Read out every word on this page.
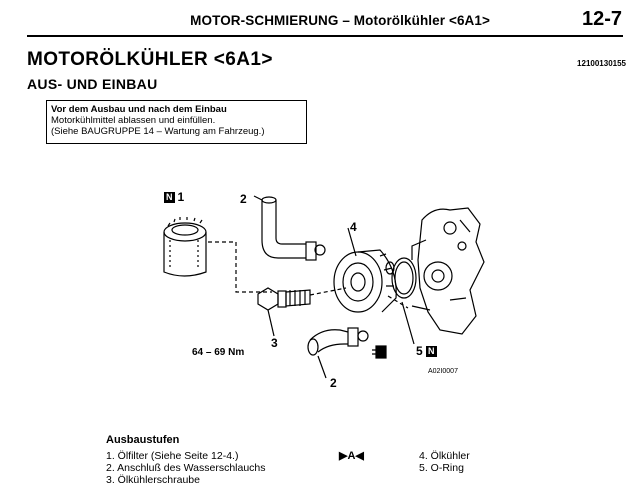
MOTOR-SCHMIERUNG – Motorölkühler <6A1>	12-7
MOTORÖLKÜHLER <6A1>	12100130155
AUS- UND EINBAU
Vor dem Ausbau und nach dem Einbau
Motorkühlmittel ablassen und einfüllen.
(Siehe BAUGRUPPE 14 – Wartung am Fahrzeug.)
N 1	2
4
3
64 – 69 Nm	5 N
2
A02I0007
Ausbaustufen
1. Ölfilter (Siehe Seite 12-4.)
2. Anschluß des Wasserschlauchs
3. Ölkühlerschraube
▶A◀	4. Ölkühler
5. O-Ring
